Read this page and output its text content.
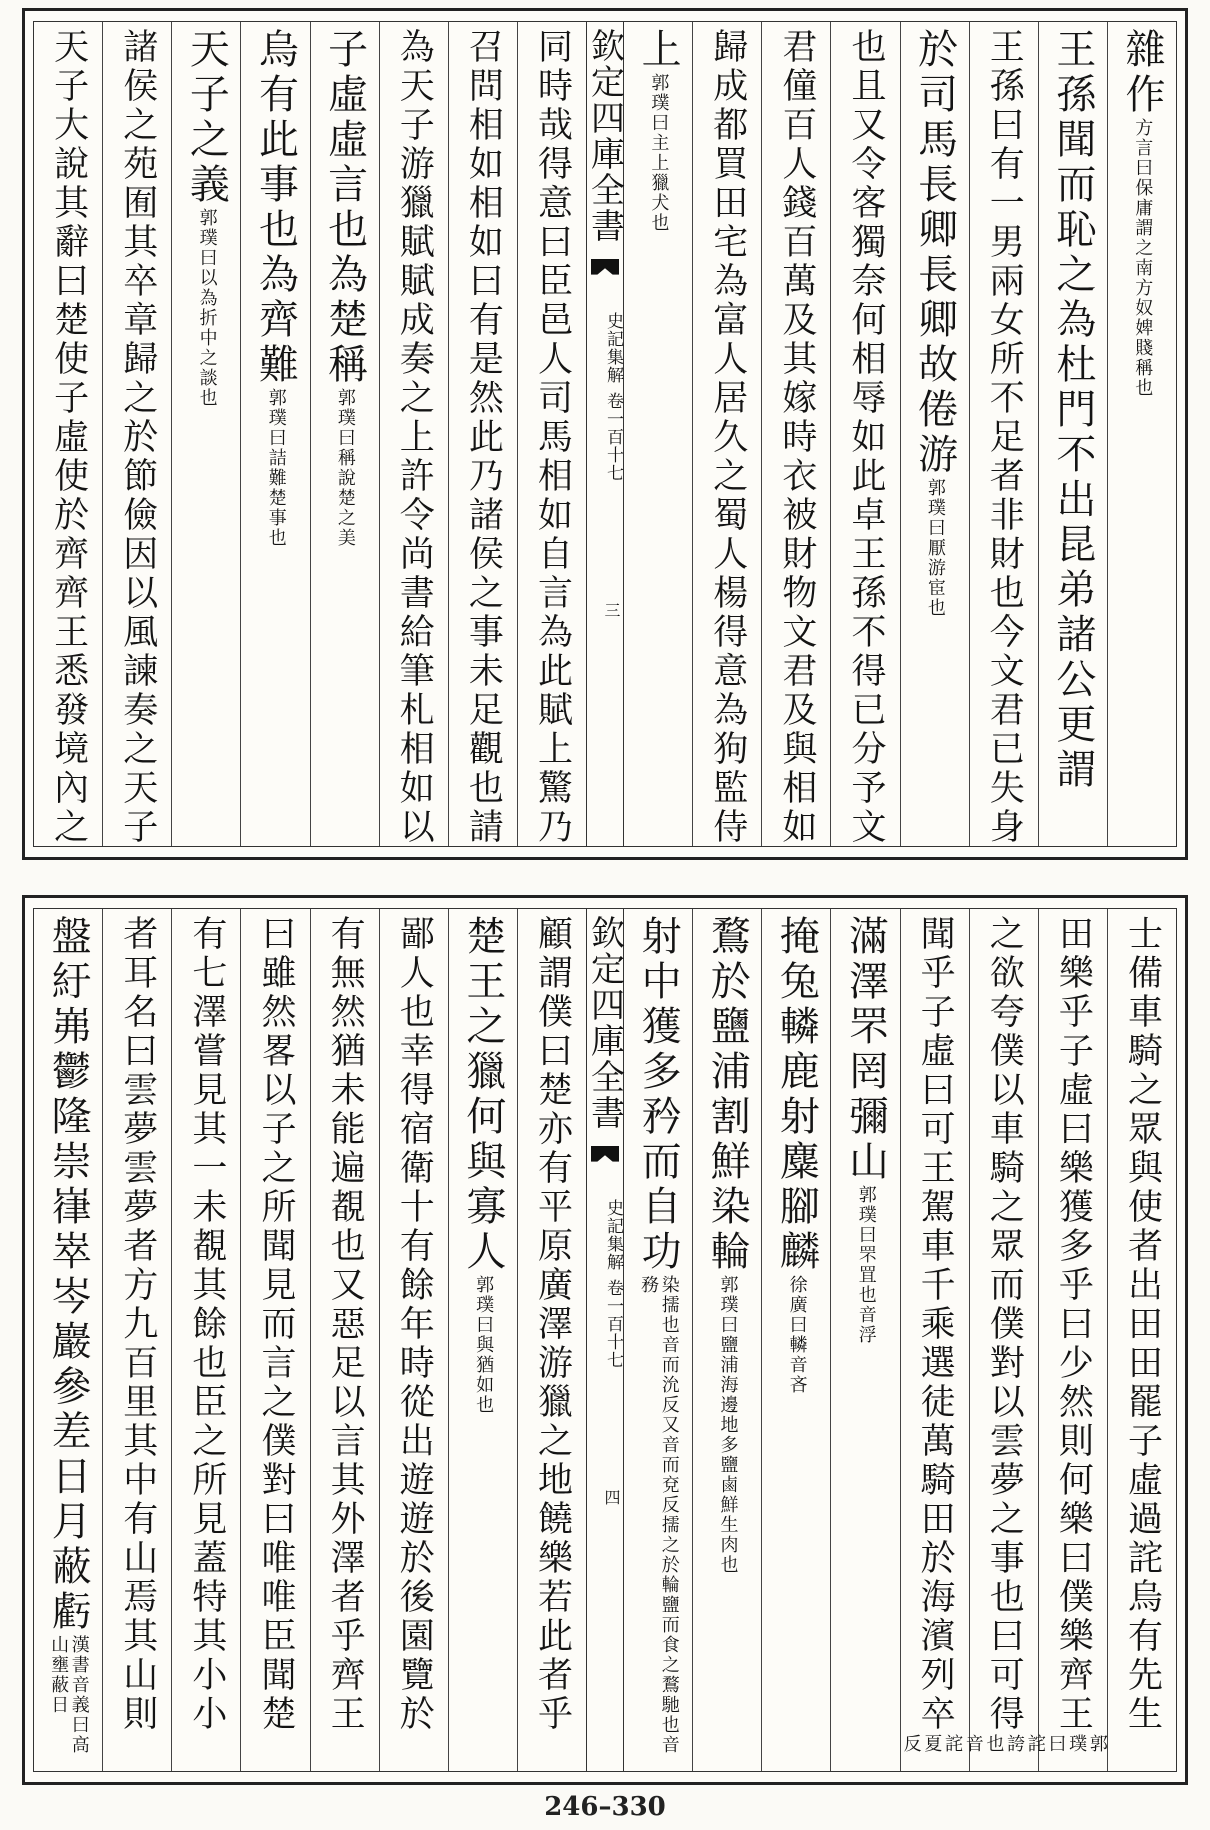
雜作
方言曰保庸謂之南方奴婢賤稱也
王孫聞而恥之為杜門不出昆弟諸公更謂
王孫曰有一男兩女所不足者非財也今文君已失身
於司馬長卿長卿故倦游
郭璞曰厭游宦也
也且又令客獨奈何相辱如此卓王孫不得已分予文
君僮百人錢百萬及其嫁時衣被財物文君及與相如
歸成都買田宅為富人居久之蜀人楊得意為狗監侍
上
郭璞曰主上獵犬也
欽定四庫全書
史記集解
卷一百十七
三
同時哉得意曰臣邑人司馬相如自言為此賦上驚乃
召問相如相如曰有是然此乃諸侯之事未足觀也請
為天子游獵賦賦成奏之上許令尚書給筆札相如以
子虛虛言也為楚稱
郭璞曰稱說楚之美
烏有此事也為齊難
郭璞曰詰難楚事也
天子之義
郭璞曰以為折中之談也
諸侯之苑囿其卒章歸之於節儉因以風諫奏之天子
天子大說其辭曰楚使子虛使於齊齊王悉發境內之
士備車騎之眾與使者出田田罷子虛過詫烏有先生
田樂乎子虛曰樂獲多乎曰少然則何樂曰僕樂齊王
郭璞曰詫誇也音詫夏反
之欲夸僕以車騎之眾而僕對以雲夢之事也曰可得
聞乎子虛曰可王駕車千乘選徒萬騎田於海濱列卒
滿澤罘罔彌山
郭璞曰罘罝也音浮
掩兔轔鹿射麋腳麟
徐廣曰轔音吝
鶩於鹽浦割鮮染輪
郭璞曰鹽浦海邊地多鹽鹵鮮生肉也
射中獲多矜而自功
染擩也音而沇反又音而兗反擩之於輪鹽而食之鶩馳也音務
欽定四庫全書
史記集解
卷一百十七
四
顧謂僕曰楚亦有平原廣澤游獵之地饒樂若此者乎
楚王之獵何與寡人
郭璞曰與猶如也
鄙人也幸得宿衛十有餘年時從出遊遊於後園覽於
有無然猶未能遍覩也又惡足以言其外澤者乎齊王
曰雖然畧以子之所聞見而言之僕對曰唯唯臣聞楚
有七澤嘗見其一未覩其餘也臣之所見蓋特其小小
者耳名曰雲夢雲夢者方九百里其中有山焉其山則
盤紆岪鬱隆崇嵂崒岑巖參差日月蔽虧
漢書音義曰高山壅蔽日
246–330
